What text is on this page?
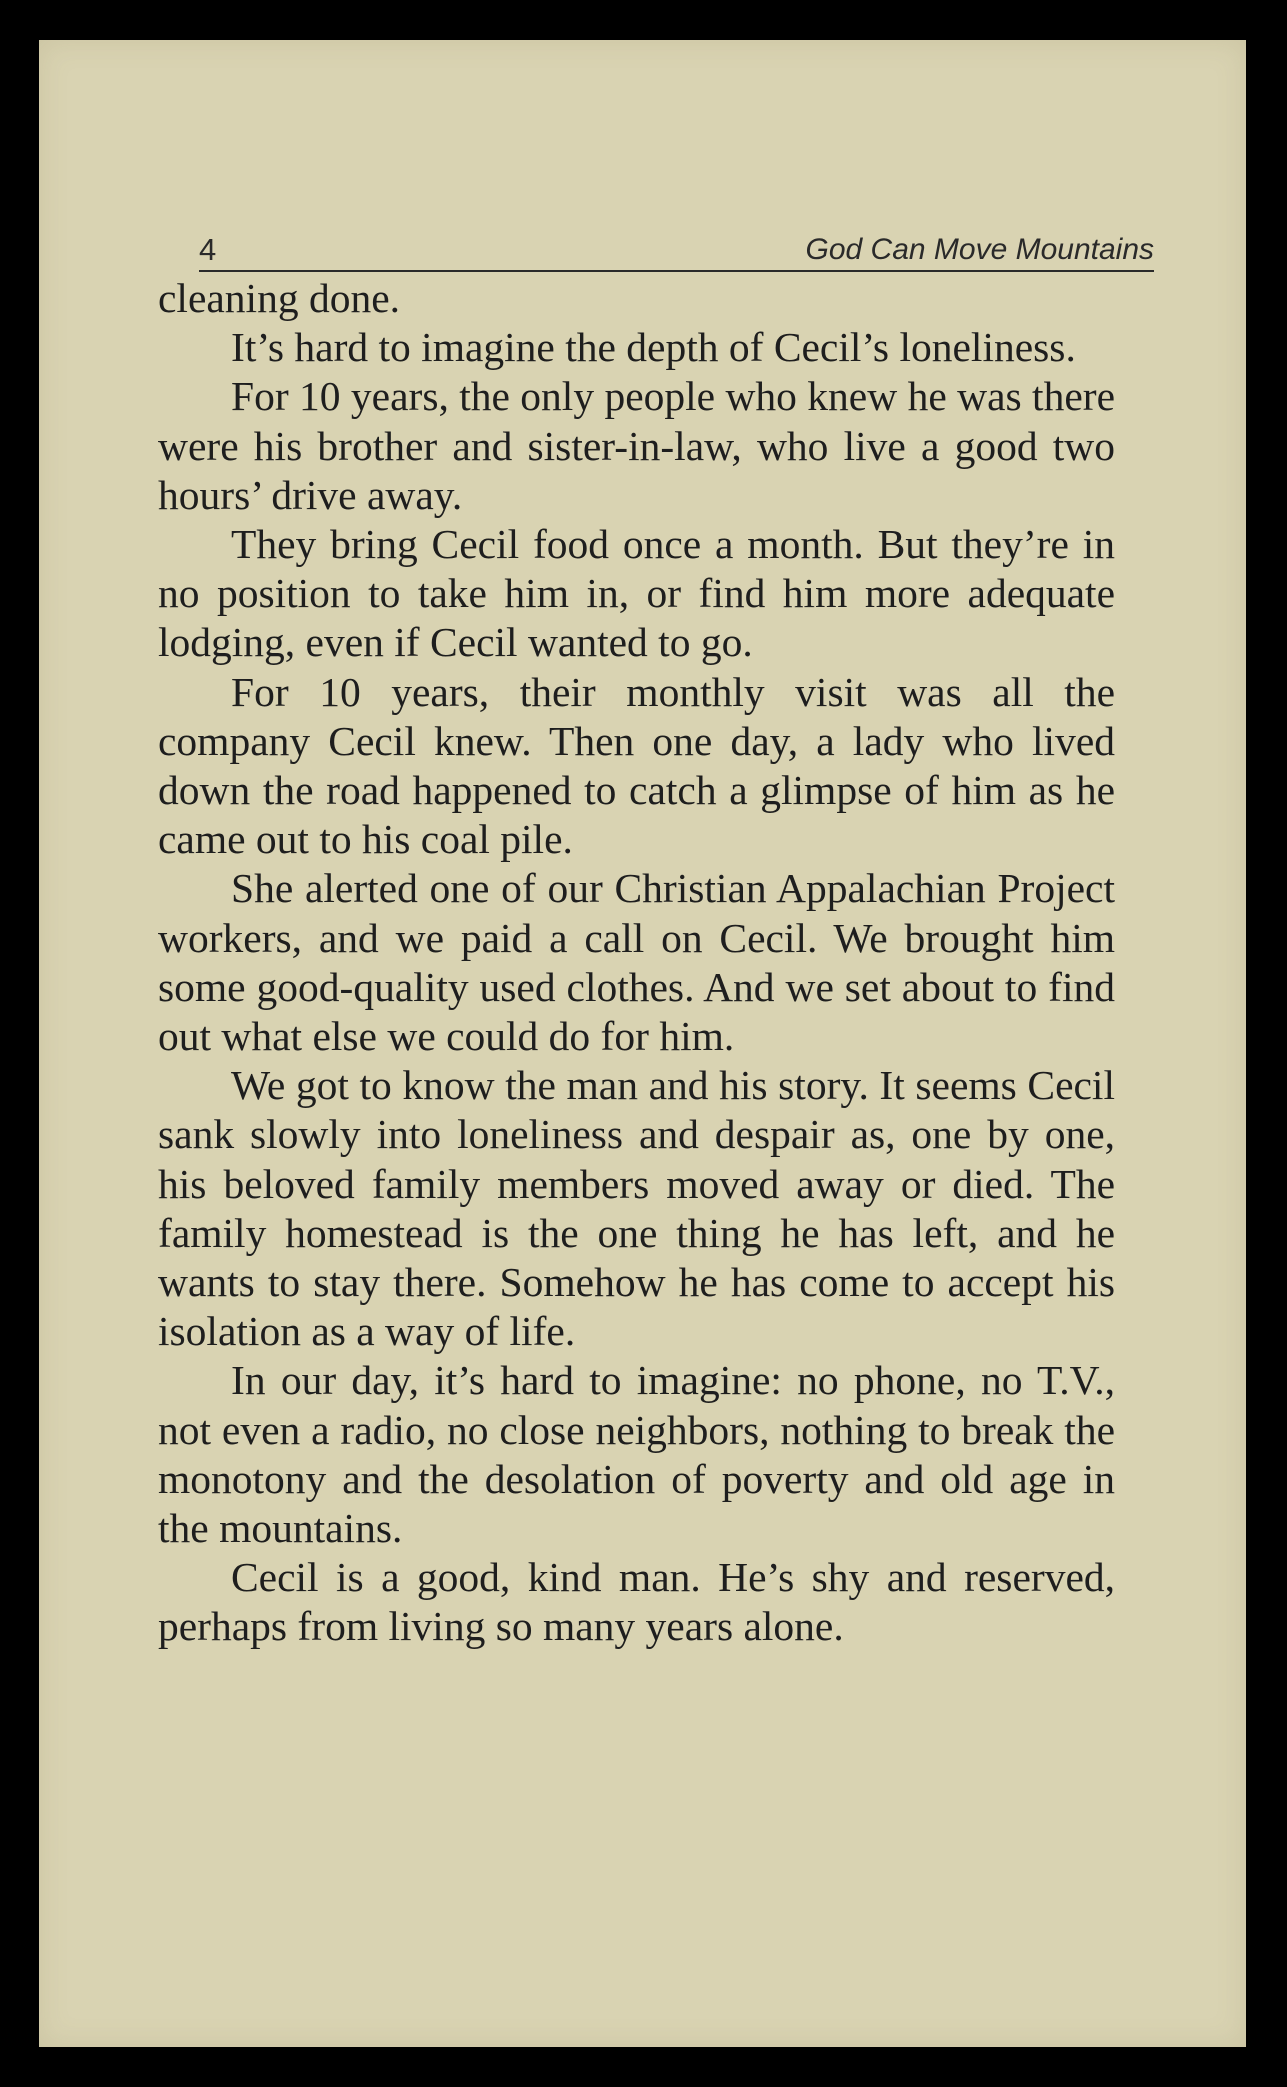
4	God Can Move Mountains

cleaning done.

It’s hard to imagine the depth of Cecil’s loneliness.

For 10 years, the only people who knew he was there were his brother and sister-in-law, who live a good two hours’ drive away.

They bring Cecil food once a month. But they’re in no position to take him in, or find him more adequate lodging, even if Cecil wanted to go.

For 10 years, their monthly visit was all the company Cecil knew. Then one day, a lady who lived down the road happened to catch a glimpse of him as he came out to his coal pile.

She alerted one of our Christian Appalachian Project workers, and we paid a call on Cecil. We brought him some good-quality used clothes. And we set about to find out what else we could do for him.

We got to know the man and his story. It seems Cecil sank slowly into loneliness and despair as, one by one, his beloved family members moved away or died. The family homestead is the one thing he has left, and he wants to stay there. Somehow he has come to accept his isolation as a way of life.

In our day, it’s hard to imagine: no phone, no T.V., not even a radio, no close neighbors, nothing to break the monotony and the desolation of poverty and old age in the mountains.

Cecil is a good, kind man. He’s shy and reserved, perhaps from living so many years alone.
